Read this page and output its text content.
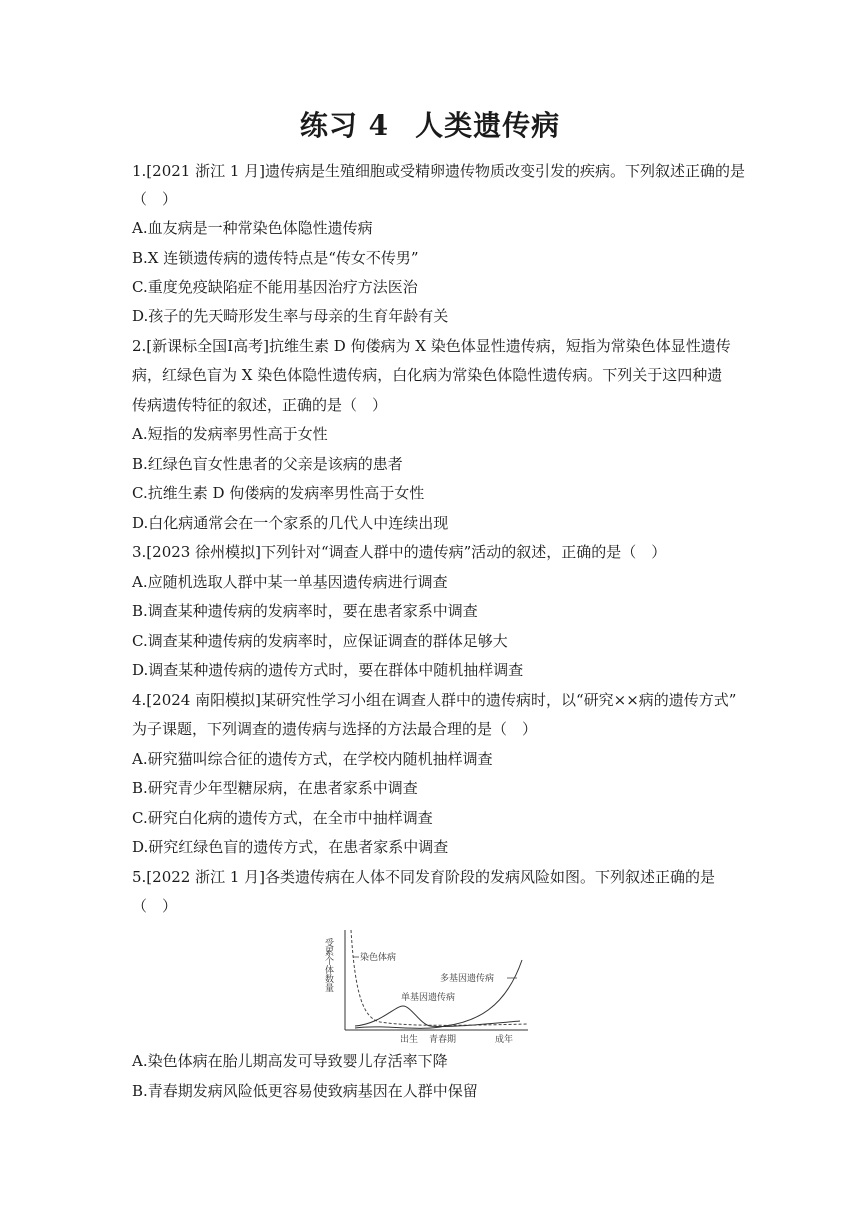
练习 4 人类遗传病
1.[2021 浙江 1 月]遗传病是生殖细胞或受精卵遗传物质改变引发的疾病。下列叙述正确的是
（　）
A.血友病是一种常染色体隐性遗传病
B.X 连锁遗传病的遗传特点是“传女不传男”
C.重度免疫缺陷症不能用基因治疗方法医治
D.孩子的先天畸形发生率与母亲的生育年龄有关
2.[新课标全国Ⅰ高考]抗维生素 D 佝偻病为 X 染色体显性遗传病，短指为常染色体显性遗传
病，红绿色盲为 X 染色体隐性遗传病，白化病为常染色体隐性遗传病。下列关于这四种遗
传病遗传特征的叙述，正确的是（　）
A.短指的发病率男性高于女性
B.红绿色盲女性患者的父亲是该病的患者
C.抗维生素 D 佝偻病的发病率男性高于女性
D.白化病通常会在一个家系的几代人中连续出现
3.[2023 徐州模拟]下列针对“调查人群中的遗传病”活动的叙述，正确的是（　）
A.应随机选取人群中某一单基因遗传病进行调查
B.调查某种遗传病的发病率时，要在患者家系中调查
C.调查某种遗传病的发病率时，应保证调查的群体足够大
D.调查某种遗传病的遗传方式时，要在群体中随机抽样调查
4.[2024 南阳模拟]某研究性学习小组在调查人群中的遗传病时，以“研究××病的遗传方式”
为子课题，下列调查的遗传病与选择的方法最合理的是（　）
A.研究猫叫综合征的遗传方式，在学校内随机抽样调查
B.研究青少年型糖尿病，在患者家系中调查
C.研究白化病的遗传方式，在全市中抽样调查
D.研究红绿色盲的遗传方式，在患者家系中调查
5.[2022 浙江 1 月]各类遗传病在人体不同发育阶段的发病风险如图。下列叙述正确的是
（　）
受累个体数量	染色体病
单基因遗传病
多基因遗传病
出生 青春期	成年
A.染色体病在胎儿期高发可导致婴儿存活率下降
B.青春期发病风险低更容易使致病基因在人群中保留
